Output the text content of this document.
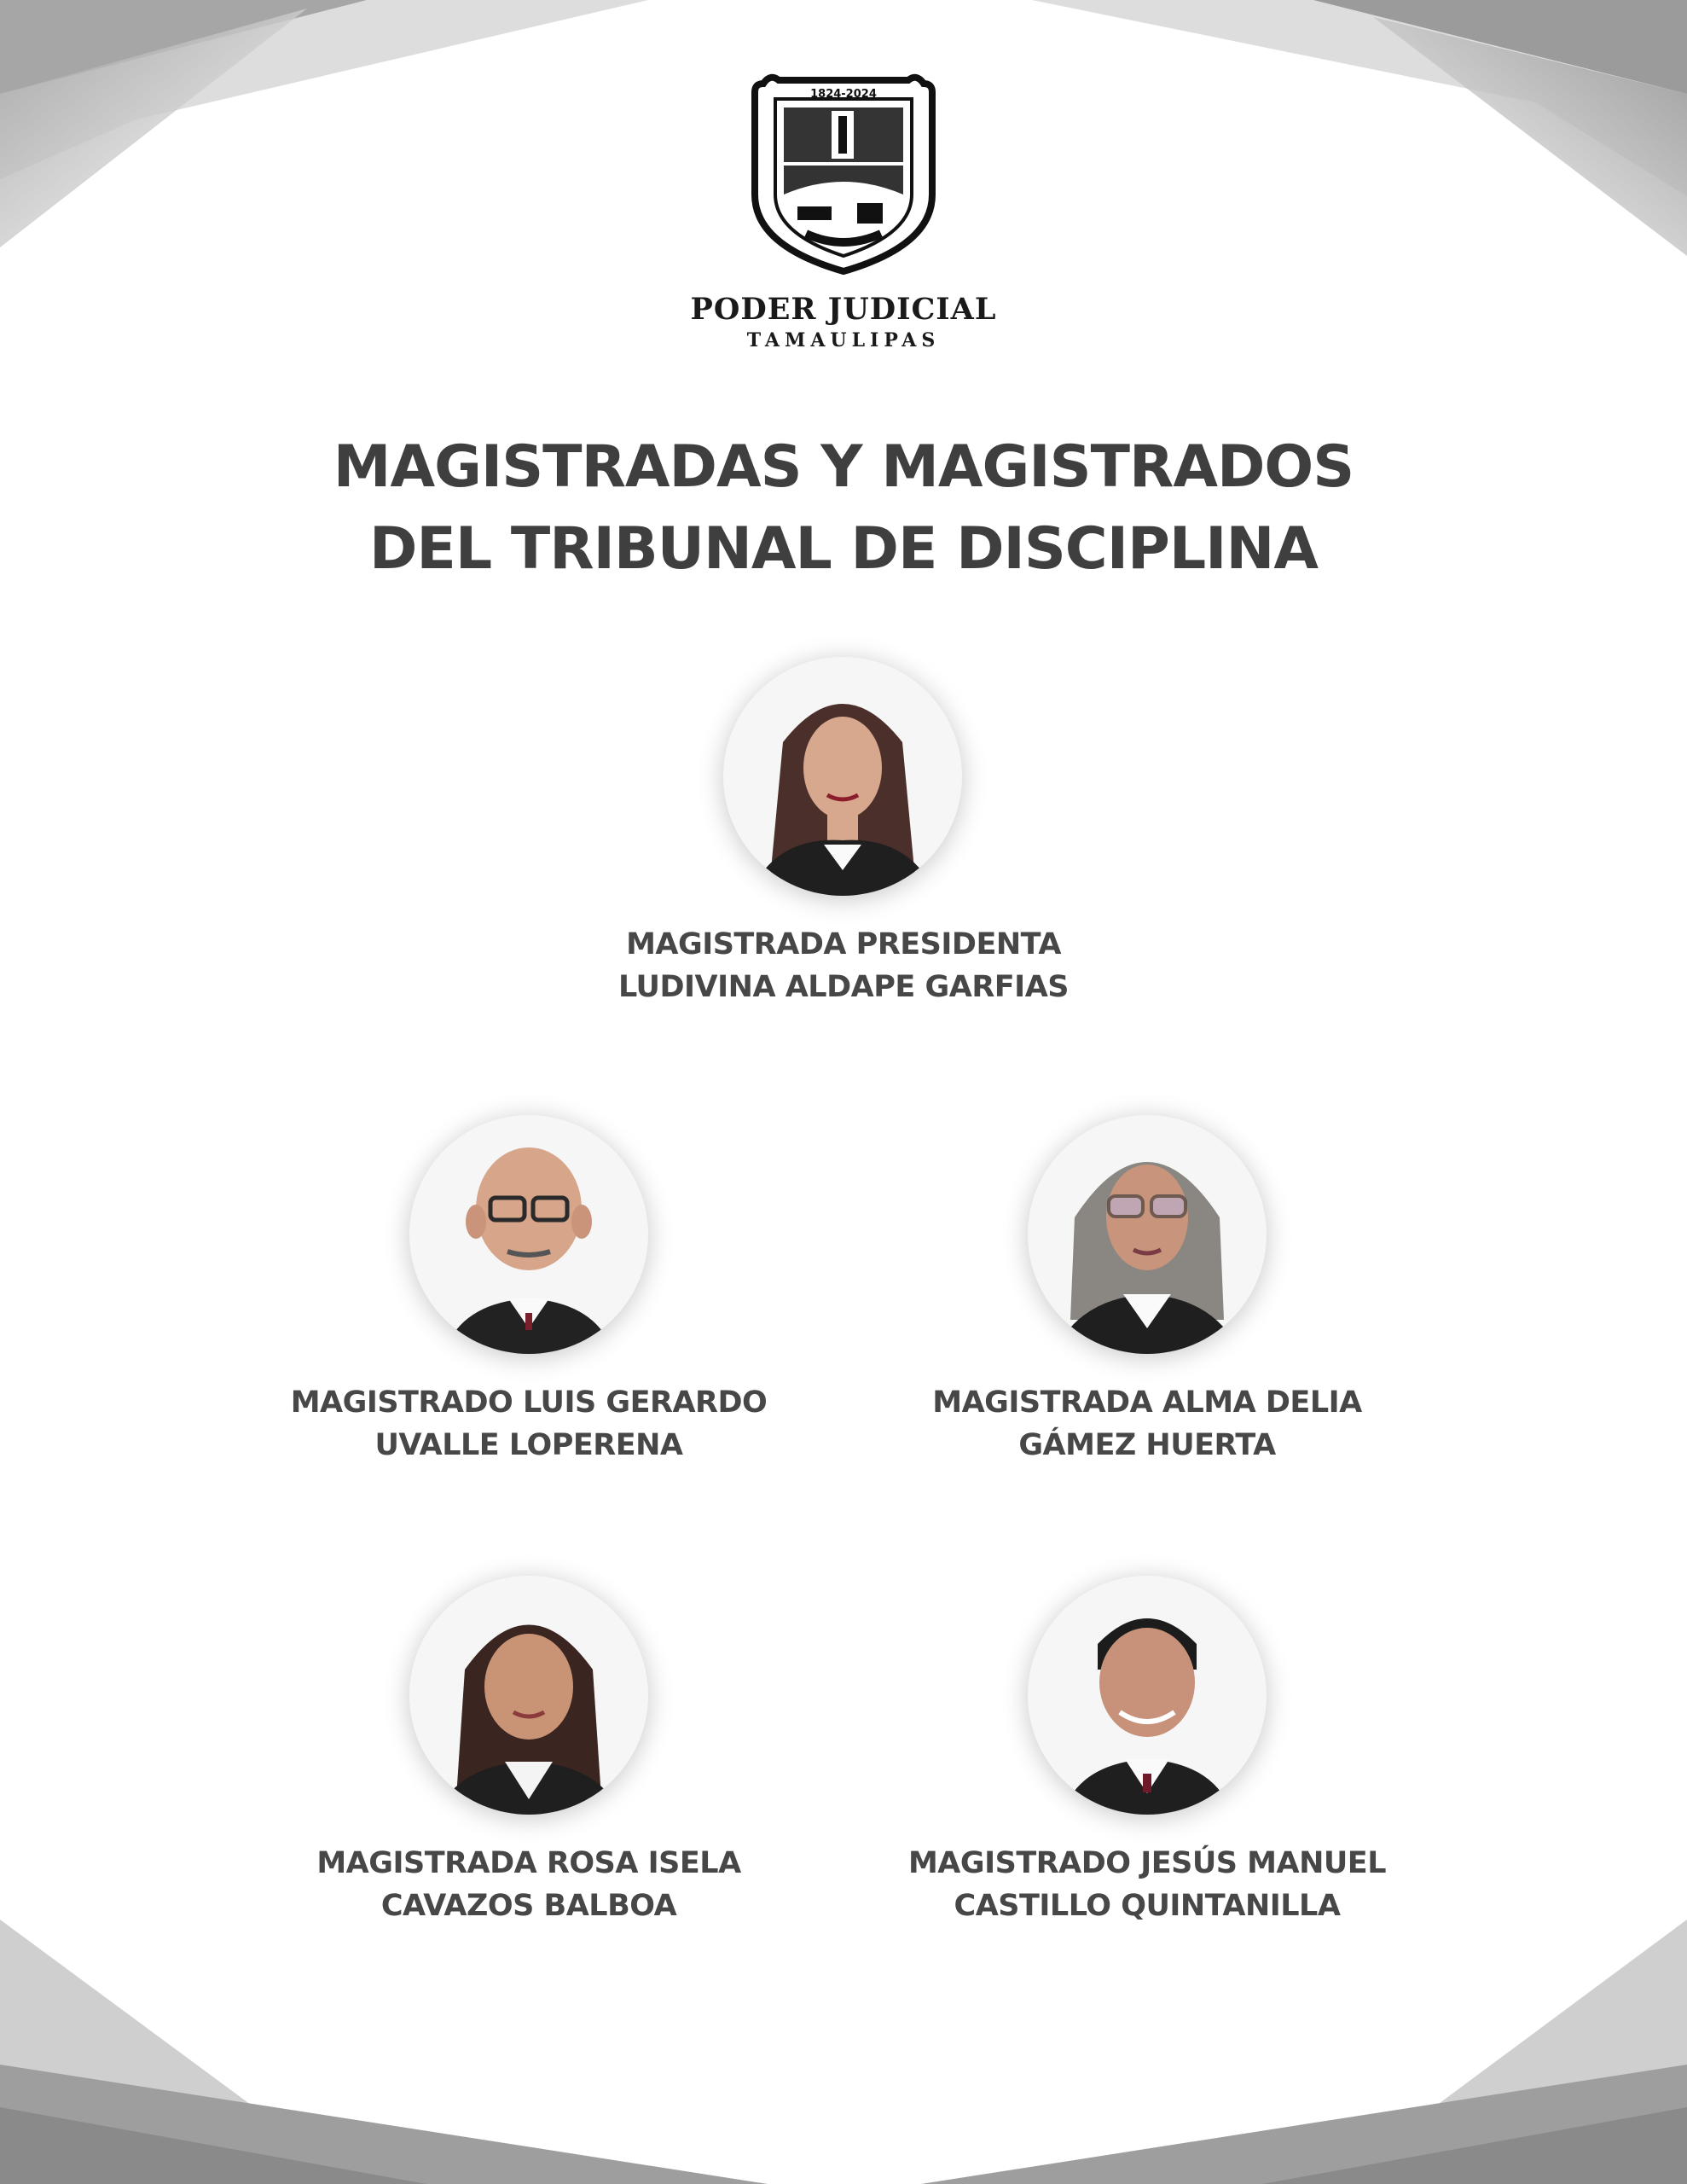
1824-2024
PODER JUDICIAL
TAMAULIPAS
MAGISTRADAS Y MAGISTRADOS
DEL TRIBUNAL DE DISCIPLINA
MAGISTRADA PRESIDENTA
LUDIVINA ALDAPE GARFIAS
MAGISTRADO LUIS GERARDO
UVALLE LOPERENA
MAGISTRADA ALMA DELIA
GÁMEZ HUERTA
MAGISTRADA ROSA ISELA
CAVAZOS BALBOA
MAGISTRADO JESÚS MANUEL
CASTILLO QUINTANILLA
